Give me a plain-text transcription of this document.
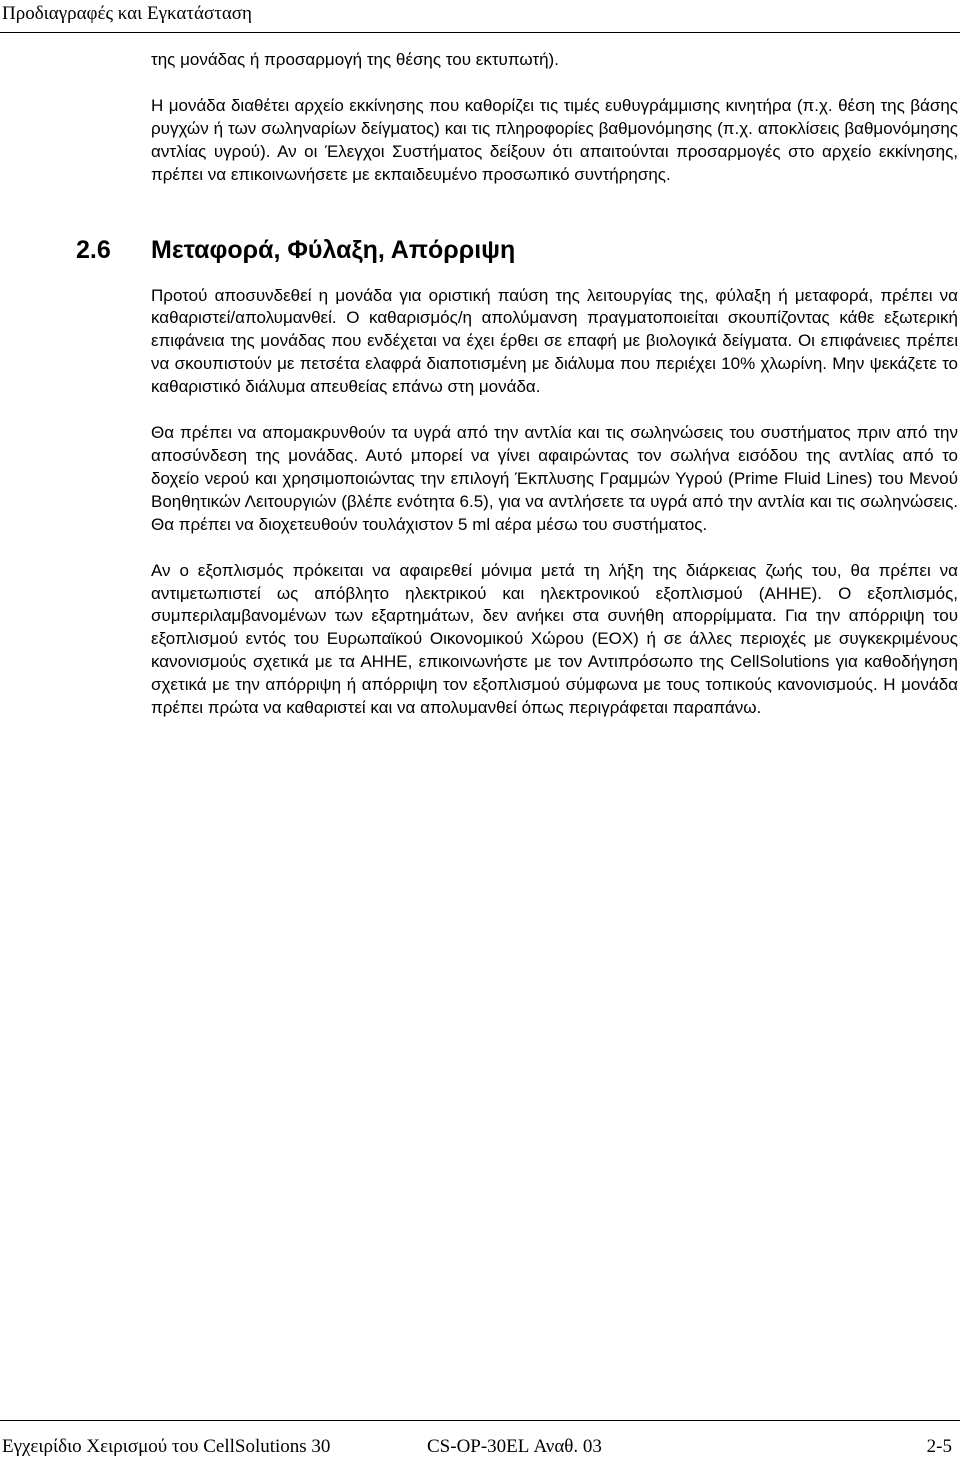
Προδιαγραφές και Εγκατάσταση

της μονάδας ή προσαρμογή της θέσης του εκτυπωτή).

Η μονάδα διαθέτει αρχείο εκκίνησης που καθορίζει τις τιμές ευθυγράμμισης κινητήρα (π.χ. θέση της βάσης ρυγχών ή των σωληναρίων δείγματος) και τις πληροφορίες βαθμονόμησης (π.χ. αποκλίσεις βαθμονόμησης αντλίας υγρού). Αν οι Έλεγχοι Συστήματος δείξουν ότι απαιτούνται προσαρμογές στο αρχείο εκκίνησης, πρέπει να επικοινωνήσετε με εκπαιδευμένο προσωπικό συντήρησης.

2.6 Μεταφορά, Φύλαξη, Απόρριψη

Προτού αποσυνδεθεί η μονάδα για οριστική παύση της λειτουργίας της, φύλαξη ή μεταφορά, πρέπει να καθαριστεί/απολυμανθεί. Ο καθαρισμός/η απολύμανση πραγματοποιείται σκουπίζοντας κάθε εξωτερική επιφάνεια της μονάδας που ενδέχεται να έχει έρθει σε επαφή με βιολογικά δείγματα. Οι επιφάνειες πρέπει να σκουπιστούν με πετσέτα ελαφρά διαποτισμένη με διάλυμα που περιέχει 10% χλωρίνη. Μην ψεκάζετε το καθαριστικό διάλυμα απευθείας επάνω στη μονάδα.

Θα πρέπει να απομακρυνθούν τα υγρά από την αντλία και τις σωληνώσεις του συστήματος πριν από την αποσύνδεση της μονάδας. Αυτό μπορεί να γίνει αφαιρώντας τον σωλήνα εισόδου της αντλίας από το δοχείο νερού και χρησιμοποιώντας την επιλογή Έκπλυσης Γραμμών Υγρού (Prime Fluid Lines) του Μενού Βοηθητικών Λειτουργιών (βλέπε ενότητα 6.5), για να αντλήσετε τα υγρά από την αντλία και τις σωληνώσεις. Θα πρέπει να διοχετευθούν τουλάχιστον 5 ml αέρα μέσω του συστήματος.

Αν ο εξοπλισμός πρόκειται να αφαιρεθεί μόνιμα μετά τη λήξη της διάρκειας ζωής του, θα πρέπει να αντιμετωπιστεί ως απόβλητο ηλεκτρικού και ηλεκτρονικού εξοπλισμού (ΑΗΗΕ). Ο εξοπλισμός, συμπεριλαμβανομένων των εξαρτημάτων, δεν ανήκει στα συνήθη απορρίμματα. Για την απόρριψη του εξοπλισμού εντός του Ευρωπαϊκού Οικονομικού Χώρου (ΕΟΧ) ή σε άλλες περιοχές με συγκεκριμένους κανονισμούς σχετικά με τα ΑΗΗΕ, επικοινωνήστε με τον Αντιπρόσωπο της CellSolutions για καθοδήγηση σχετικά με την απόρριψη ή απόρριψη τον εξοπλισμού σύμφωνα με τους τοπικούς κανονισμούς. Η μονάδα πρέπει πρώτα να καθαριστεί και να απολυμανθεί όπως περιγράφεται παραπάνω.

Εγχειρίδιο Χειρισμού του CellSolutions 30	CS-OP-30EL Αναθ. 03	2-5
